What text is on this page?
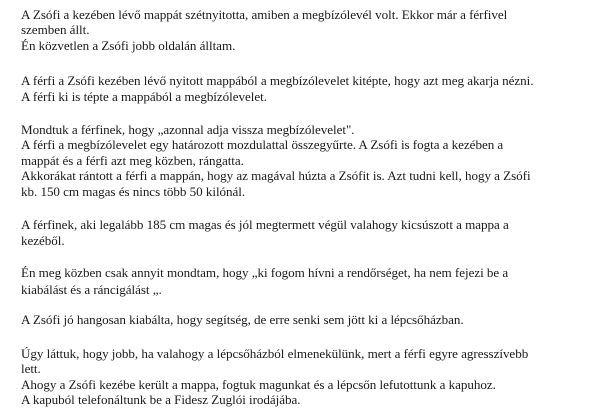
A Zsófi a kezében lévő mappát szétnyitotta, amiben a megbízólevél volt. Ekkor már a férfivel
szemben állt.
Én közvetlen a Zsófi jobb oldalán álltam.
A férfi a Zsófi kezében lévő nyitott mappából a megbízólevelet kitépte, hogy azt meg akarja nézni.
A férfi ki is tépte a mappából a megbízólevelet.
Mondtuk a férfinek, hogy „azonnal adja vissza megbízólevelet".
A férfi a megbízólevelet egy határozott mozdulattal összegyűrte. A Zsófi is fogta a kezében a
mappát és a férfi azt meg közben, rángatta.
Akkorákat rántott a férfi a mappán, hogy az magával húzta a Zsófit is. Azt tudni kell, hogy a Zsófi
kb. 150 cm magas és nincs több 50 kilónál.
A férfinek, aki legalább 185 cm magas és jól megtermett végül valahogy kicsúszott a mappa a
kezéből.
Én meg közben csak annyit mondtam, hogy „ki fogom hívni a rendőrséget, ha nem fejezi be a
kiabálást és a ráncigálást „.
A Zsófi jó hangosan kiabálta, hogy segítség, de erre senki sem jött ki a lépcsőházban.
Úgy láttuk, hogy jobb, ha valahogy a lépcsőházból elmenekülünk, mert a férfi egyre agresszívebb
lett.
Ahogy a Zsófi kezébe került a mappa, fogtuk magunkat és a lépcsőn lefutottunk a kapuhoz.
A kapuból telefonáltunk be a Fidesz Zuglói irodájába.
